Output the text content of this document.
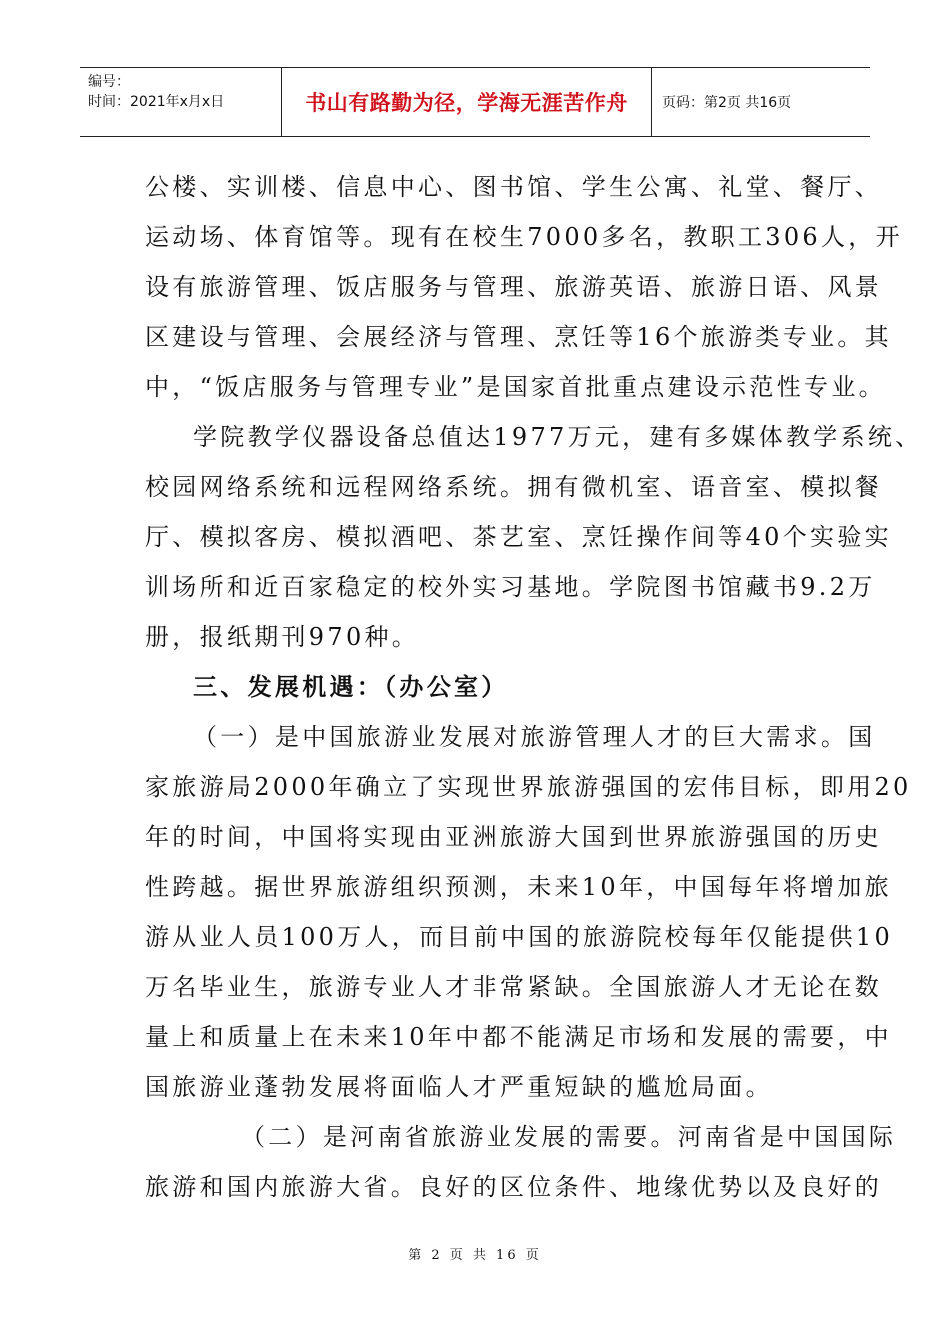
编号：
时间：2021年x月x日	书山有路勤为径，学海无涯苦作舟	页码：第2页 共16页
公楼、实训楼、信息中心、图书馆、学生公寓、礼堂、餐厅、
运动场、体育馆等。现有在校生7000多名，教职工306人，开
设有旅游管理、饭店服务与管理、旅游英语、旅游日语、风景
区建设与管理、会展经济与管理、烹饪等16个旅游类专业。其
中，“饭店服务与管理专业”是国家首批重点建设示范性专业。
学院教学仪器设备总值达1977万元，建有多媒体教学系统、
校园网络系统和远程网络系统。拥有微机室、语音室、模拟餐
厅、模拟客房、模拟酒吧、茶艺室、烹饪操作间等40个实验实
训场所和近百家稳定的校外实习基地。学院图书馆藏书9.2万
册，报纸期刊970种。
三、发展机遇：（办公室）
（一）是中国旅游业发展对旅游管理人才的巨大需求。国
家旅游局2000年确立了实现世界旅游强国的宏伟目标，即用20
年的时间，中国将实现由亚洲旅游大国到世界旅游强国的历史
性跨越。据世界旅游组织预测，未来10年，中国每年将增加旅
游从业人员100万人，而目前中国的旅游院校每年仅能提供10
万名毕业生，旅游专业人才非常紧缺。全国旅游人才无论在数
量上和质量上在未来10年中都不能满足市场和发展的需要，中
国旅游业蓬勃发展将面临人才严重短缺的尴尬局面。
（二）是河南省旅游业发展的需要。河南省是中国国际
旅游和国内旅游大省。良好的区位条件、地缘优势以及良好的
第 2 页 共 16 页
